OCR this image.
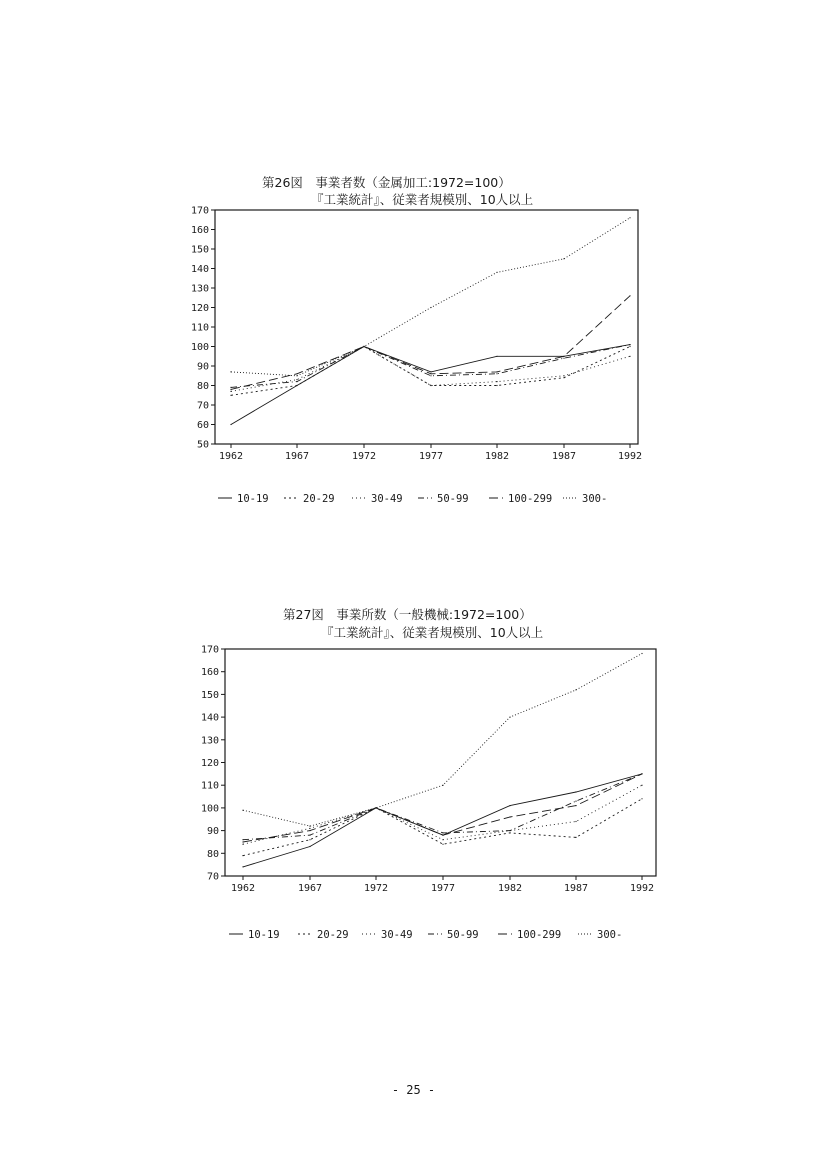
第26図　事業者数（金属加工:1972=100）
『工業統計』、従業者規模別、10人以上
170
160
150
140
130
120
110
100
90
80
70
60
50
1962	1967	1972	1977	1982	1987	1992
10-19	20-29	30-49	50-99	100-299	300-
第27図　事業所数（一般機械:1972=100）
『工業統計』、従業者規模別、10人以上
170
160
150
140
130
120
110
100
90
80
70
1962	1967	1972	1977	1982	1987	1992
10-19	20-29	30-49	50-99	100-299	300-
- 25 -
